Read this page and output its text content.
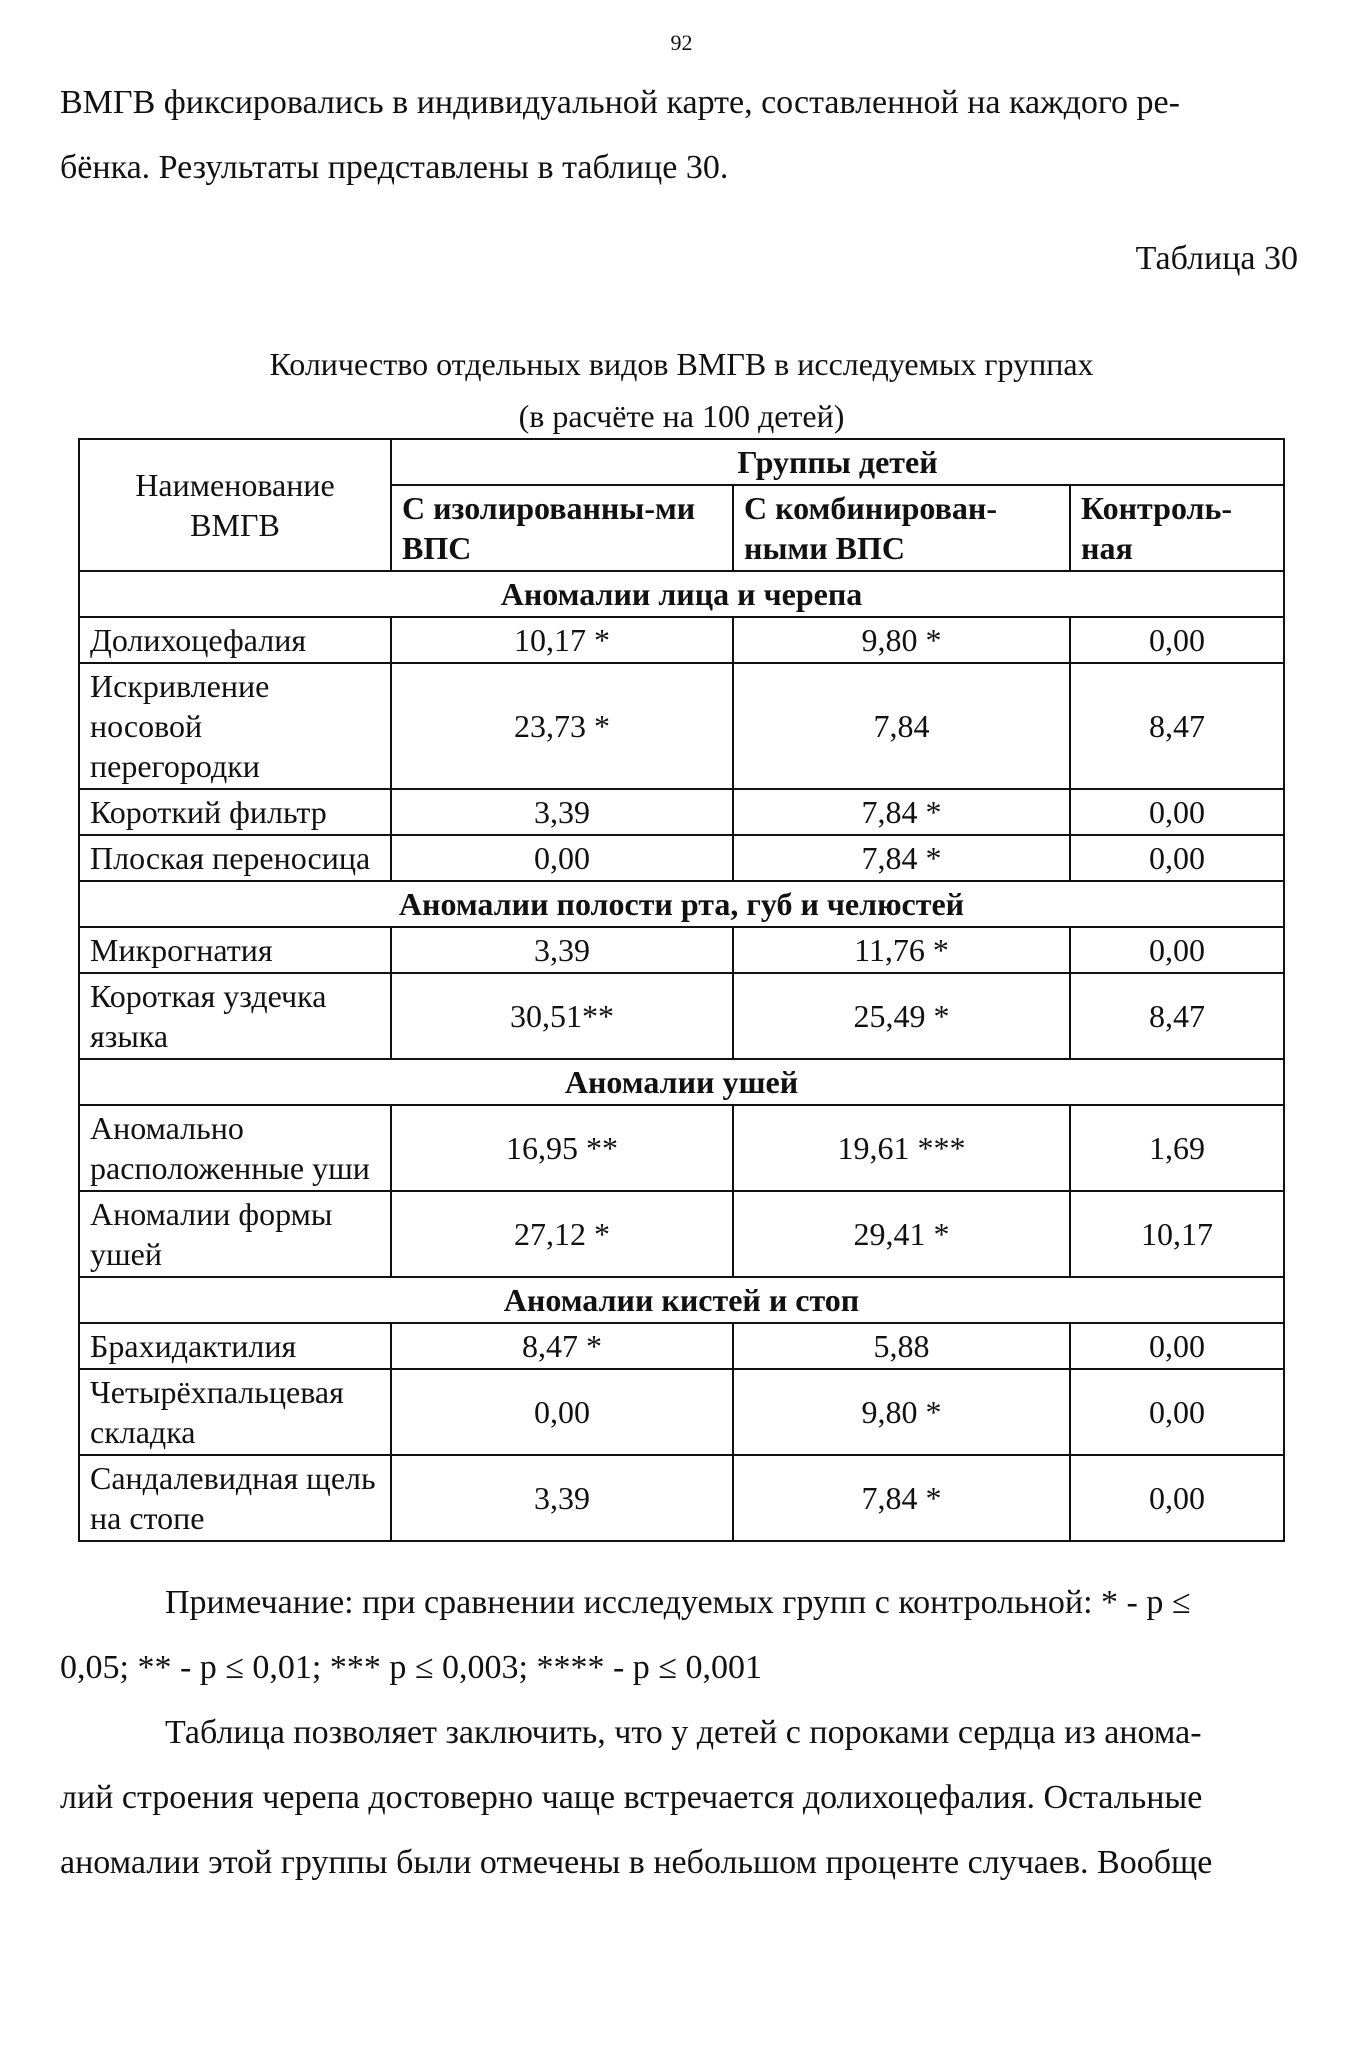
92
ВМГВ фиксировались в индивидуальной карте, составленной на каждого ре-
бёнка. Результаты представлены в таблице 30.
Таблица 30
Количество отдельных видов ВМГВ в исследуемых группах
(в расчёте на 100 детей)
Наименование ВМГВ	Группы детей		
	С изолированны-ми ВПС	С комбинирован-ными ВПС	Контроль-ная
Аномалии лица и черепа			
Долихоцефалия	10,17 *	9,80 *	0,00
Искривление носовой перегородки	23,73 *	7,84	8,47
Короткий фильтр	3,39	7,84 *	0,00
Плоская переносица	0,00	7,84 *	0,00
Аномалии полости рта, губ и челюстей			
Микрогнатия	3,39	11,76 *	0,00
Короткая уздечка языка	30,51**	25,49 *	8,47
Аномалии ушей			
Аномально расположенные уши	16,95 **	19,61 ***	1,69
Аномалии формы ушей	27,12 *	29,41 *	10,17
Аномалии кистей и стоп			
Брахидактилия	8,47 *	5,88	0,00
Четырёхпальцевая складка	0,00	9,80 *	0,00
Сандалевидная щель на стопе	3,39	7,84 *	0,00
Примечание: при сравнении исследуемых групп с контрольной: * - p ≤
0,05; ** - p ≤ 0,01; *** p ≤ 0,003; **** - p ≤ 0,001
Таблица позволяет заключить, что у детей с пороками сердца из анома-
лий строения черепа достоверно чаще встречается долихоцефалия. Остальные
аномалии этой группы были отмечены в небольшом проценте случаев. Вообще
